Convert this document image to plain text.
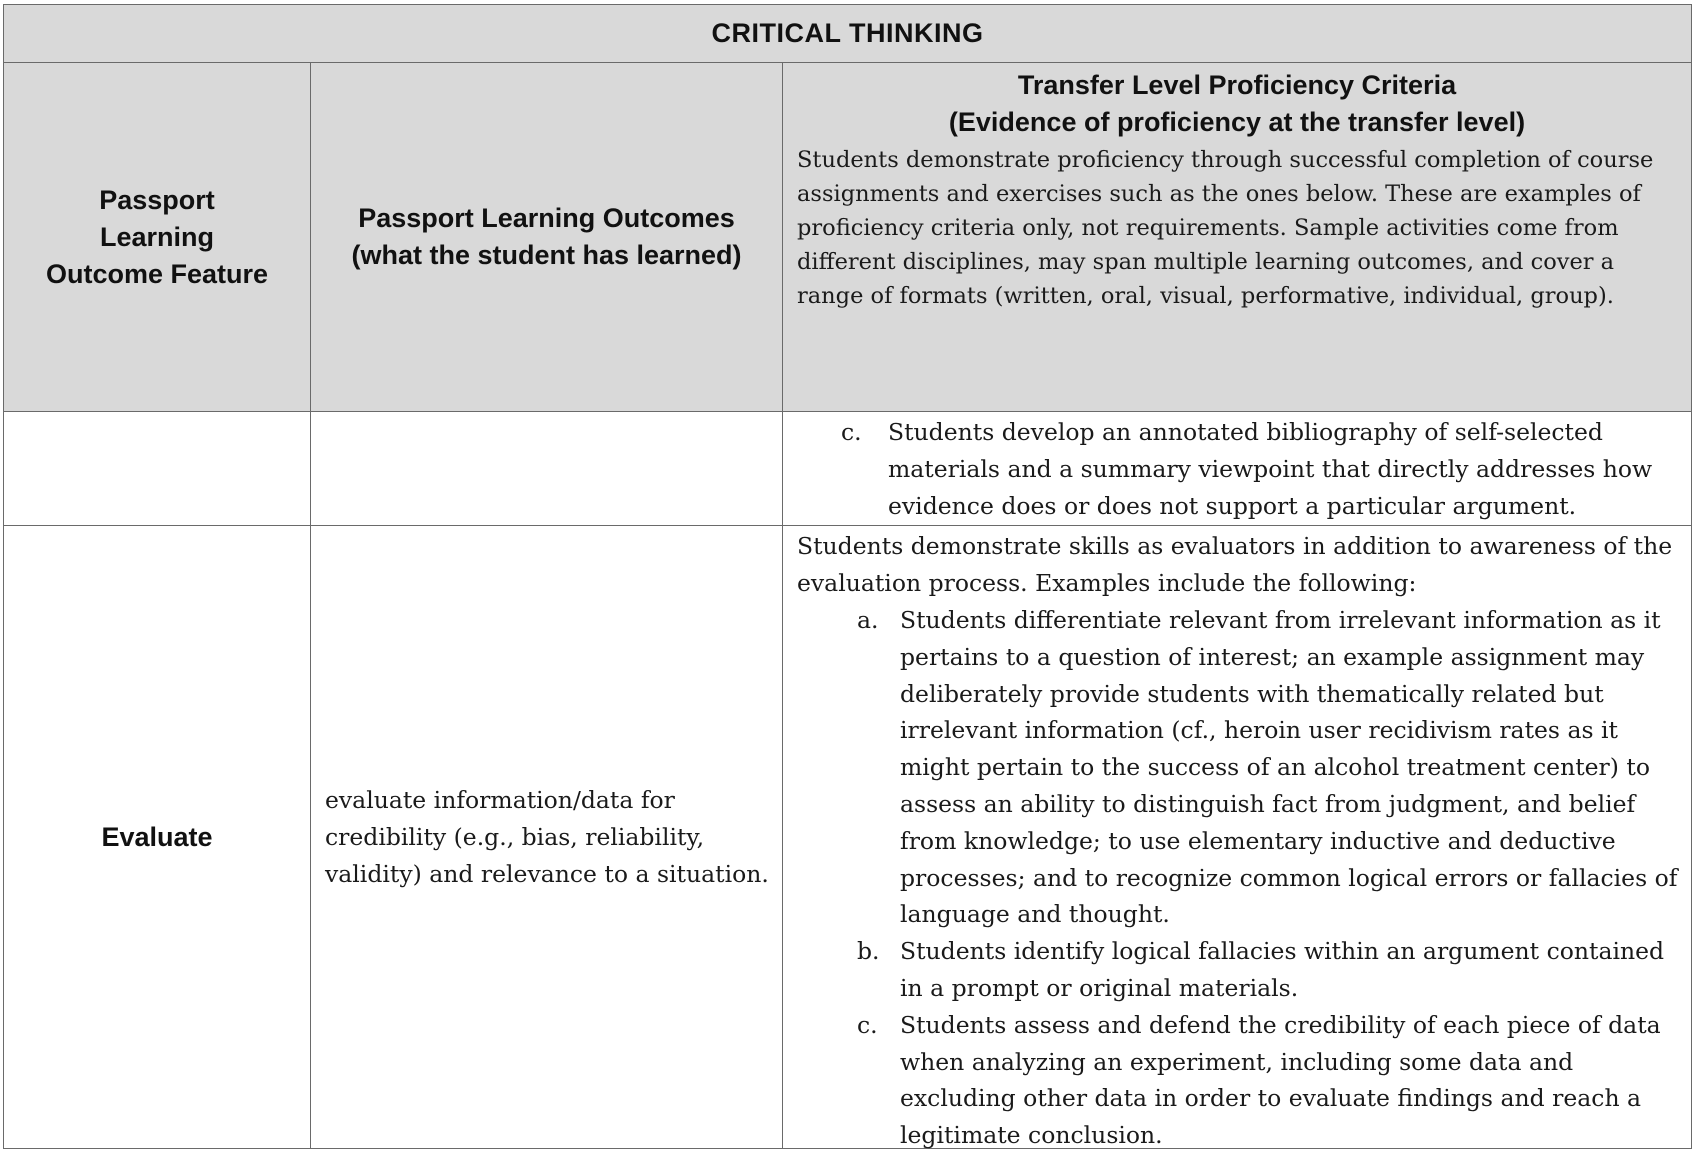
CRITICAL THINKING
Passport Learning Outcome Feature
Passport Learning Outcomes (what the student has learned)
Transfer Level Proficiency Criteria
(Evidence of proficiency at the transfer level)
Students demonstrate proficiency through successful completion of course assignments and exercises such as the ones below. These are examples of proficiency criteria only, not requirements. Sample activities come from different disciplines, may span multiple learning outcomes, and cover a range of formats (written, oral, visual, performative, individual, group).
c. Students develop an annotated bibliography of self-selected materials and a summary viewpoint that directly addresses how evidence does or does not support a particular argument.
Evaluate
evaluate information/data for credibility (e.g., bias, reliability, validity) and relevance to a situation.
Students demonstrate skills as evaluators in addition to awareness of the evaluation process. Examples include the following:
a. Students differentiate relevant from irrelevant information as it pertains to a question of interest; an example assignment may deliberately provide students with thematically related but irrelevant information (cf., heroin user recidivism rates as it might pertain to the success of an alcohol treatment center) to assess an ability to distinguish fact from judgment, and belief from knowledge; to use elementary inductive and deductive processes; and to recognize common logical errors or fallacies of language and thought.
b. Students identify logical fallacies within an argument contained in a prompt or original materials.
c. Students assess and defend the credibility of each piece of data when analyzing an experiment, including some data and excluding other data in order to evaluate findings and reach a legitimate conclusion.
